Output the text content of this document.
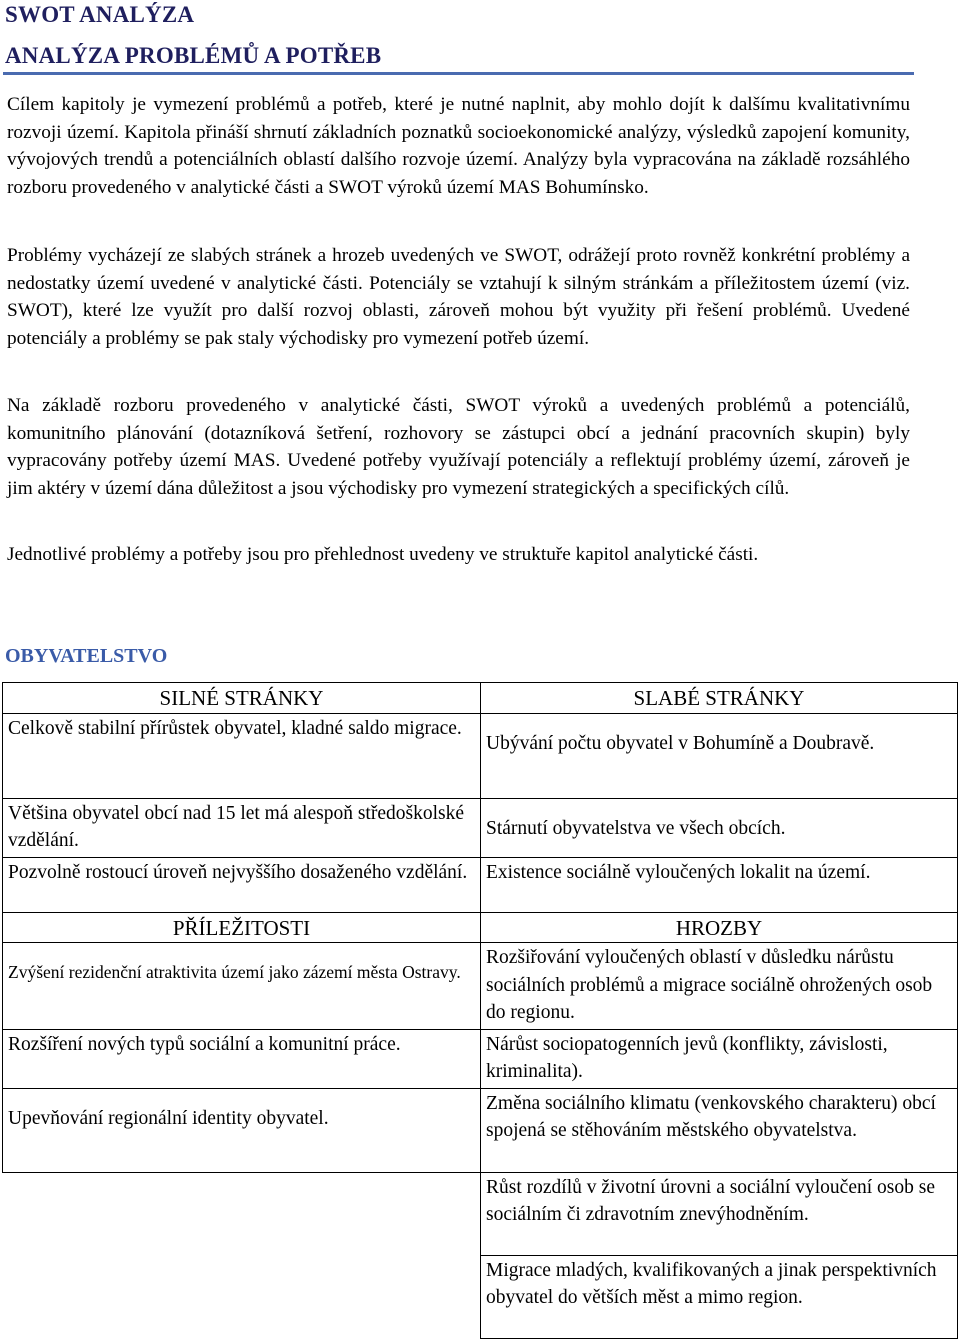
SWOT ANALÝZA
ANALÝZA PROBLÉMŮ A POTŘEB

Cílem kapitoly je vymezení problémů a potřeb, které je nutné naplnit, aby mohlo dojít k dalšímu kvalitativnímu rozvoji území. Kapitola přináší shrnutí základních poznatků socioekonomické analýzy, výsledků zapojení komunity, vývojových trendů a potenciálních oblastí dalšího rozvoje území. Analýzy byla vypracována na základě rozsáhlého rozboru provedeného v analytické části a SWOT výroků území MAS Bohumínsko.

Problémy vycházejí ze slabých stránek a hrozeb uvedených ve SWOT, odrážejí proto rovněž konkrétní problémy a nedostatky území uvedené v analytické části. Potenciály se vztahují k silným stránkám a příležitostem území (viz. SWOT), které lze využít pro další rozvoj oblasti, zároveň mohou být využity při řešení problémů. Uvedené potenciály a problémy se pak staly východisky pro vymezení potřeb území.

Na základě rozboru provedeného v analytické části, SWOT výroků a uvedených problémů a potenciálů, komunitního plánování (dotazníková šetření, rozhovory se zástupci obcí a jednání pracovních skupin) byly vypracovány potřeby území MAS. Uvedené potřeby využívají potenciály a reflektují problémy území, zároveň je jim aktéry v území dána důležitost a jsou východisky pro vymezení strategických a specifických cílů.

Jednotlivé problémy a potřeby jsou pro přehlednost uvedeny ve struktuře kapitol analytické části.

OBYVATELSTVO
SILNÉ STRÁNKY	SLABÉ STRÁNKY
Celkově stabilní přírůstek obyvatel, kladné saldo migrace.	Ubývání počtu obyvatel v Bohumíně a Doubravě.
Většina obyvatel obcí nad 15 let má alespoň středoškolské vzdělání.	Stárnutí obyvatelstva ve všech obcích.
Pozvolně rostoucí úroveň nejvyššího dosaženého vzdělání.	Existence sociálně vyloučených lokalit na území.
PŘÍLEŽITOSTI	HROZBY
Zvýšení rezidenční atraktivita území jako zázemí města Ostravy.	Rozšiřování vyloučených oblastí v důsledku nárůstu sociálních problémů a migrace sociálně ohrožených osob do regionu.
Rozšíření nových typů sociální a komunitní práce.	Nárůst sociopatogenních jevů (konflikty, závislosti, kriminalita).
Upevňování regionální identity obyvatel.	Změna sociálního klimatu (venkovského charakteru) obcí spojená se stěhováním městského obyvatelstva.
	Růst rozdílů v životní úrovni a sociální vyloučení osob se sociálním či zdravotním znevýhodněním.
	Migrace mladých, kvalifikovaných a jinak perspektivních obyvatel do větších měst a mimo region.
